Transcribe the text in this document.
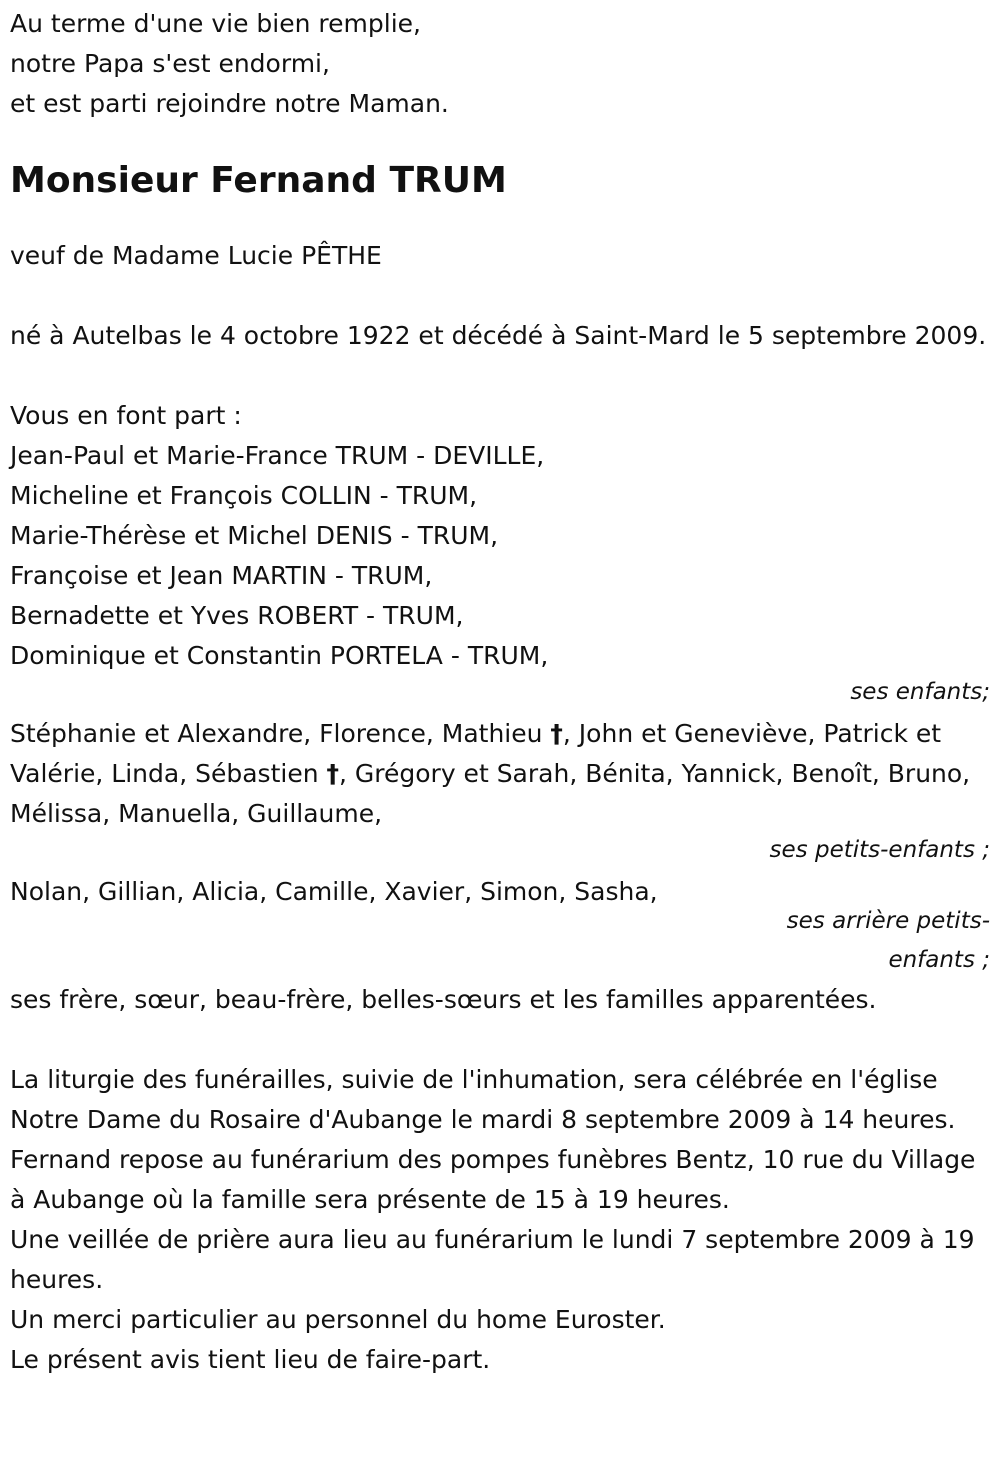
Au terme d'une vie bien remplie,
notre Papa s'est endormi,
et est parti rejoindre notre Maman.
Monsieur Fernand TRUM
veuf de Madame Lucie PÊTHE
né à Autelbas le 4 octobre 1922 et décédé à Saint-Mard le 5 septembre 2009.
Vous en font part :
Jean-Paul et Marie-France TRUM - DEVILLE,
Micheline et François COLLIN - TRUM,
Marie-Thérèse et Michel DENIS - TRUM,
Françoise et Jean MARTIN - TRUM,
Bernadette et Yves ROBERT - TRUM,
Dominique et Constantin PORTELA - TRUM,
ses enfants;
Stéphanie et Alexandre, Florence, Mathieu †, John et Geneviève, Patrick et Valérie, Linda, Sébastien †, Grégory et Sarah, Bénita, Yannick, Benoît, Bruno, Mélissa, Manuella, Guillaume,
ses petits-enfants ;
Nolan, Gillian, Alicia, Camille, Xavier, Simon, Sasha,
ses arrière petits-enfants ;
ses frère, sœur, beau-frère, belles-sœurs et les familles apparentées.
La liturgie des funérailles, suivie de l'inhumation, sera célébrée en l'église Notre Dame du Rosaire d'Aubange le mardi 8 septembre 2009 à 14 heures.
Fernand repose au funérarium des pompes funèbres Bentz, 10 rue du Village à Aubange où la famille sera présente de 15 à 19 heures.
Une veillée de prière aura lieu au funérarium le lundi 7 septembre 2009 à 19 heures.
Un merci particulier au personnel du home Euroster.
Le présent avis tient lieu de faire-part.
